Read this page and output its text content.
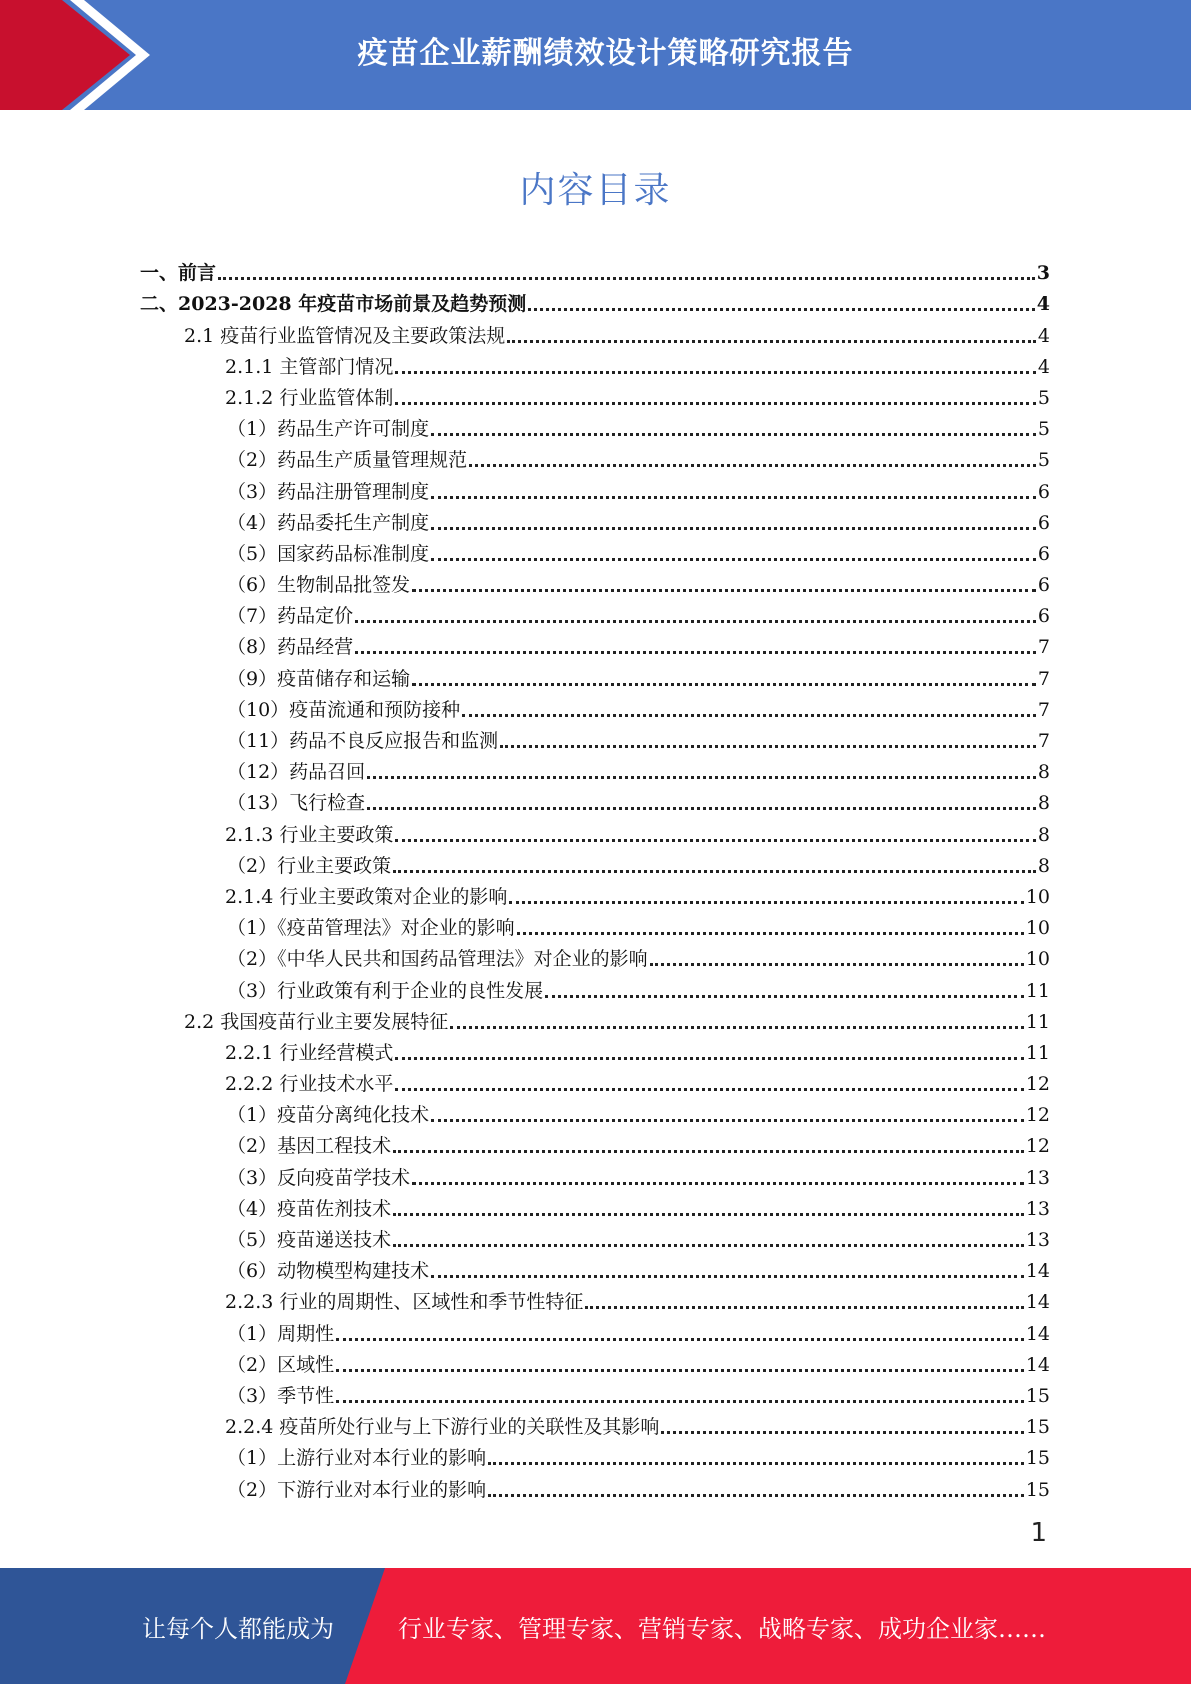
疫苗企业薪酬绩效设计策略研究报告
内容目录
一、前言	3
二、2023-2028 年疫苗市场前景及趋势预测	4
2.1 疫苗行业监管情况及主要政策法规	4
2.1.1 主管部门情况	4
2.1.2 行业监管体制	5
（1）药品生产许可制度	5
（2）药品生产质量管理规范	5
（3）药品注册管理制度	6
（4）药品委托生产制度	6
（5）国家药品标准制度	6
（6）生物制品批签发	6
（7）药品定价	6
（8）药品经营	7
（9）疫苗储存和运输	7
（10）疫苗流通和预防接种	7
（11）药品不良反应报告和监测	7
（12）药品召回	8
（13）飞行检查	8
2.1.3 行业主要政策	8
（2）行业主要政策	8
2.1.4 行业主要政策对企业的影响	10
（1）《疫苗管理法》对企业的影响	10
（2）《中华人民共和国药品管理法》对企业的影响	10
（3）行业政策有利于企业的良性发展	11
2.2 我国疫苗行业主要发展特征	11
2.2.1 行业经营模式	11
2.2.2 行业技术水平	12
（1）疫苗分离纯化技术	12
（2）基因工程技术	12
（3）反向疫苗学技术	13
（4）疫苗佐剂技术	13
（5）疫苗递送技术	13
（6）动物模型构建技术	14
2.2.3 行业的周期性、区域性和季节性特征	14
（1）周期性	14
（2）区域性	14
（3）季节性	15
2.2.4 疫苗所处行业与上下游行业的关联性及其影响	15
（1）上游行业对本行业的影响	15
（2）下游行业对本行业的影响	15
1
让每个人都能成为	行业专家、管理专家、营销专家、战略专家、成功企业家……
